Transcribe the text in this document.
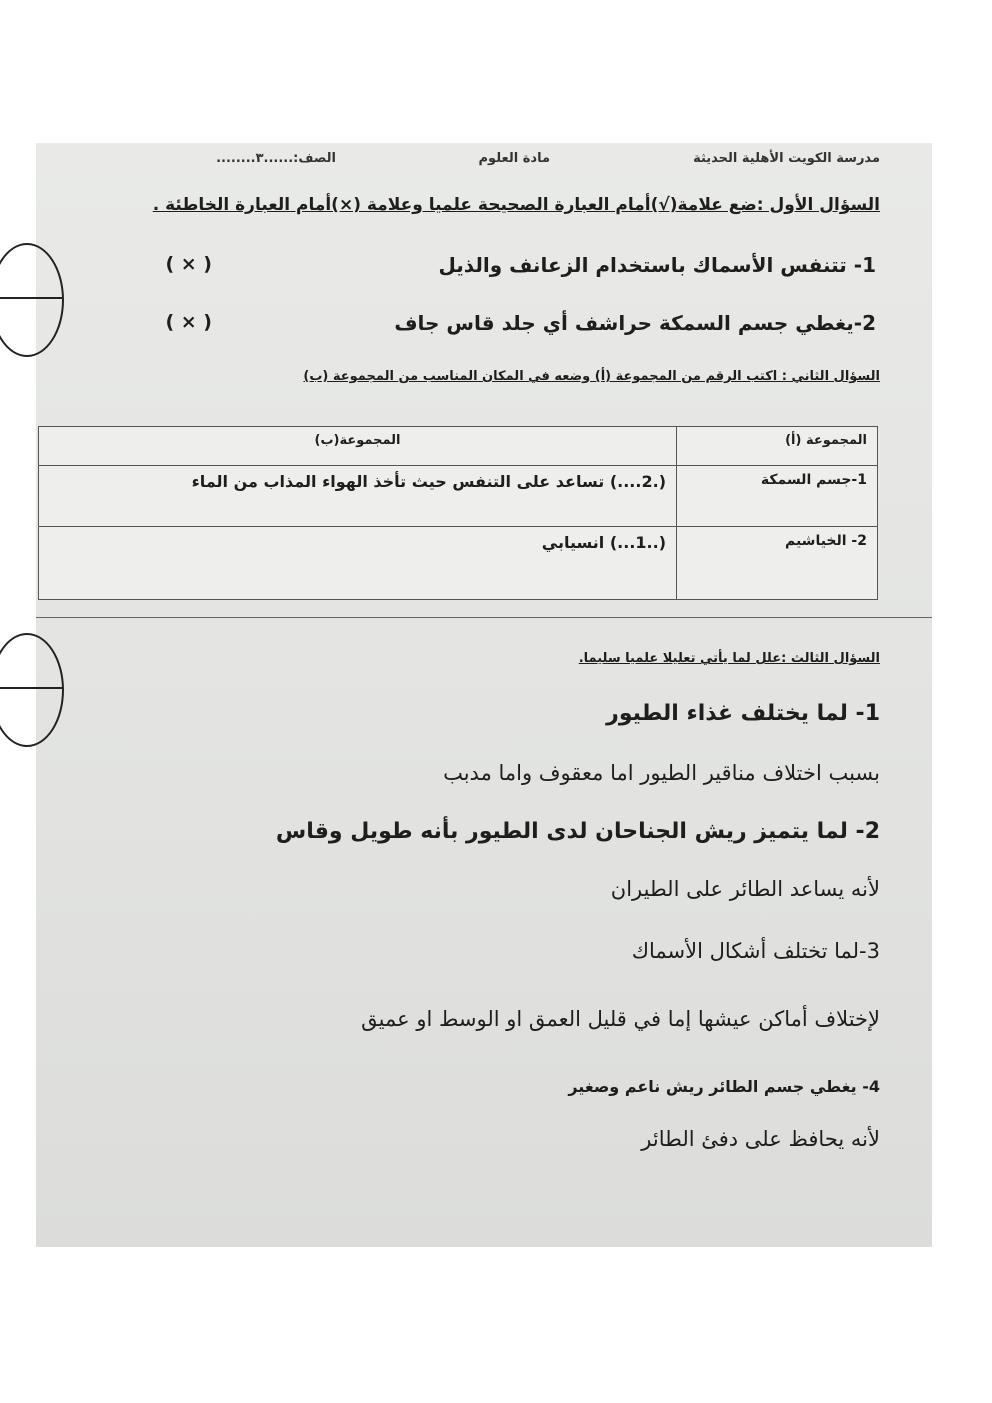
مدرسة الكويت الأهلية الحديثة
مادة العلوم
الصف:......٣........
السؤال الأول :ضع علامة(√)أمام العبارة الصحيحة علميا وعلامة (×)أمام العبارة الخاطئة .
1- تتنفس الأسماك باستخدام الزعانف والذيل
( × )
2-يغطي جسم السمكة حراشف أي جلد قاس جاف
( × )
السؤال الثاني : اكتب الرقم من المجموعة (أ) وضعه في المكان المناسب من المجموعة (ب)
المجموعة (أ)	المجموعة(ب)
1-جسم السمكة	(.2....) تساعد على التنفس حيث تأخذ الهواء المذاب من الماء
2- الخياشيم	(..1...) انسيابي
السؤال الثالث :علل لما يأتي تعليلا علميا سليما.
1- لما يختلف غذاء الطيور
بسبب اختلاف مناقير الطيور اما معقوف واما مدبب
2- لما يتميز ريش الجناحان لدى الطيور بأنه طويل وقاس
لأنه يساعد الطائر على الطيران
3-لما تختلف أشكال الأسماك
لإختلاف أماكن عيشها إما في قليل العمق او الوسط او عميق
4- يغطي جسم الطائر ريش ناعم وصغير
لأنه يحافظ على دفئ الطائر
